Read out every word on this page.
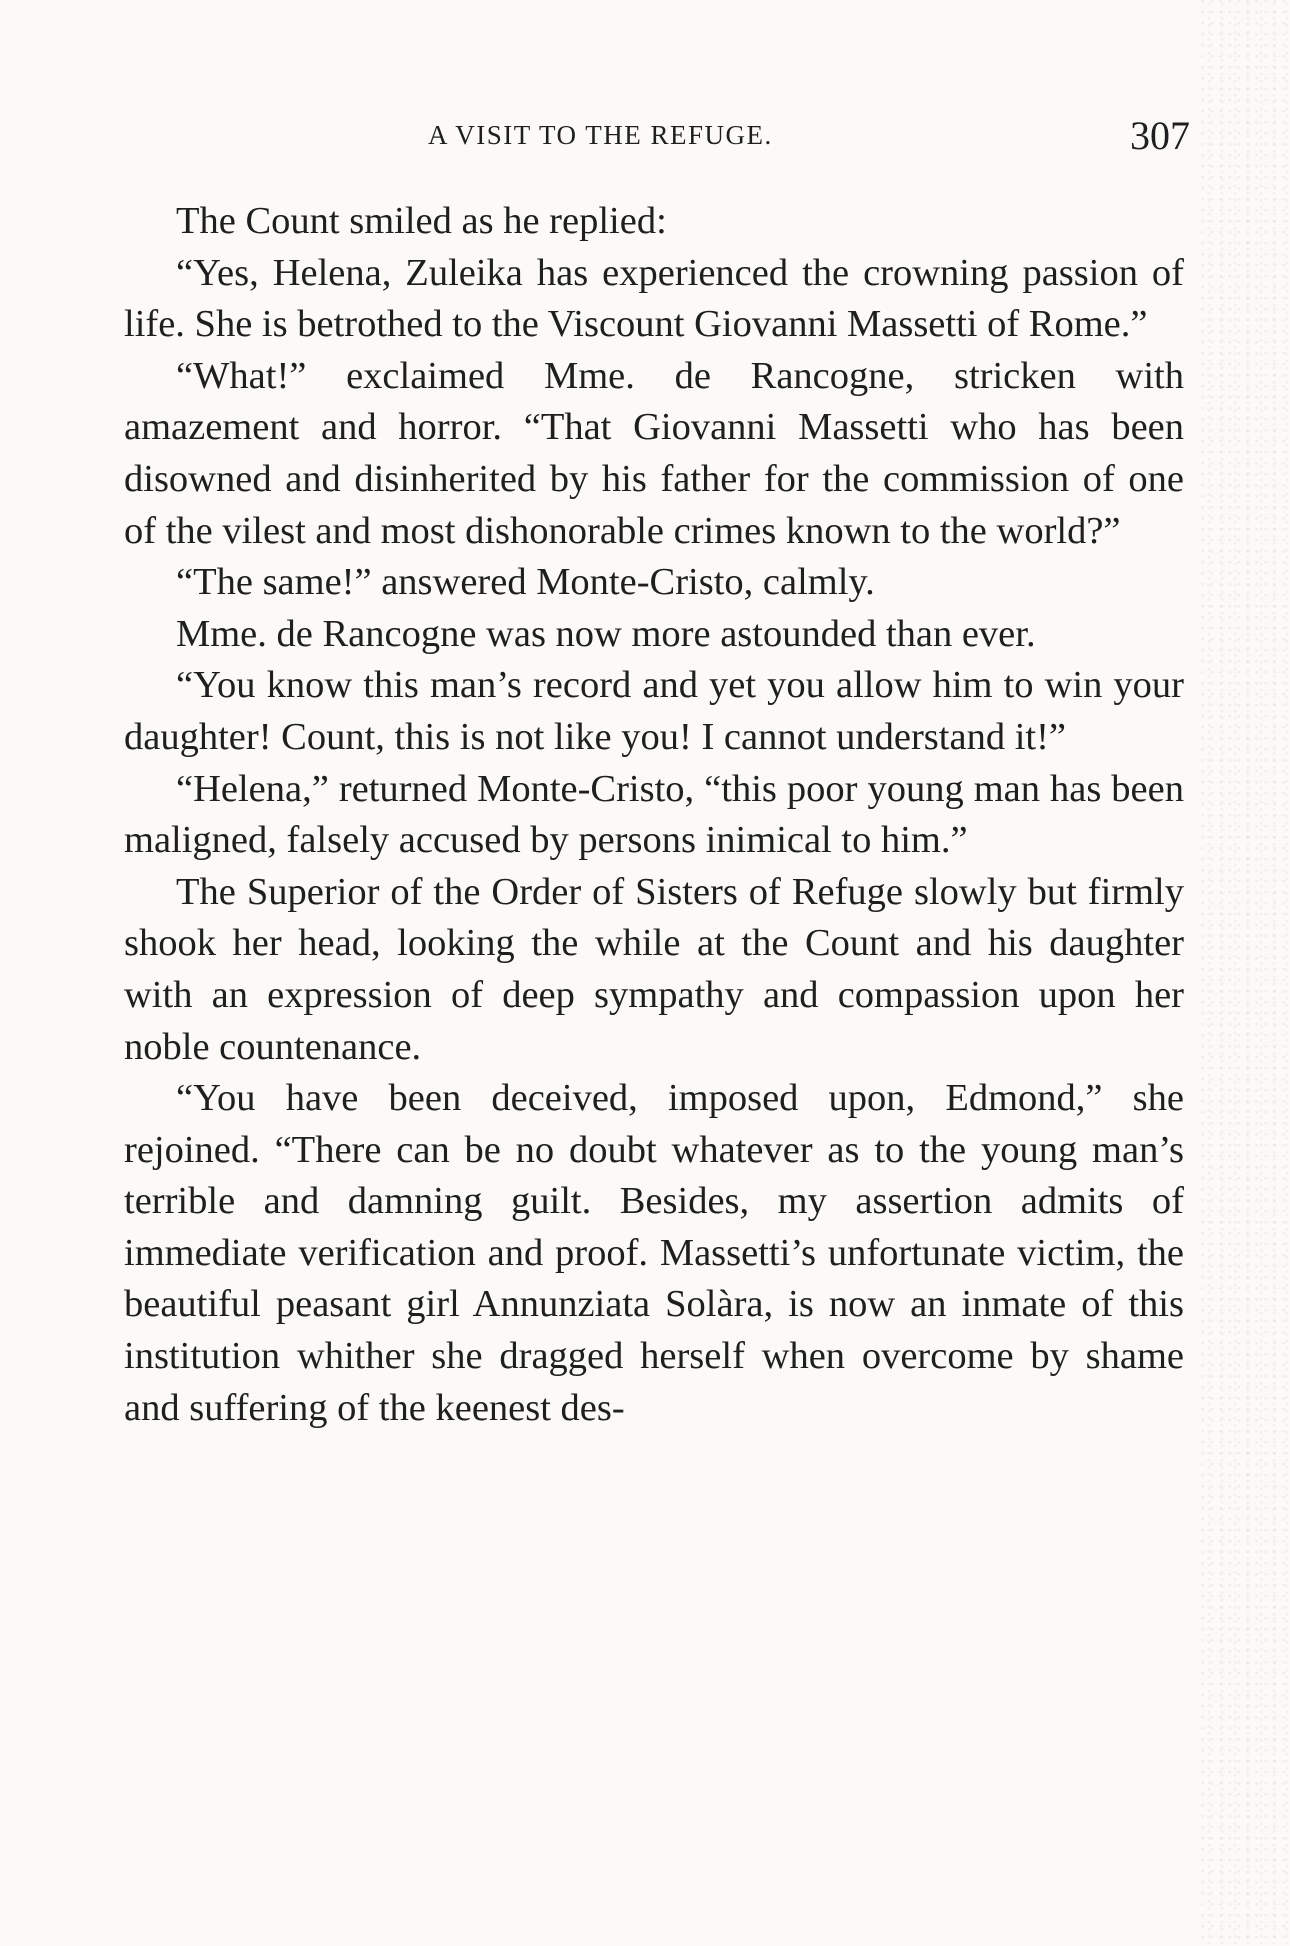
A VISIT TO THE REFUGE.	307

The Count smiled as he replied:

“Yes, Helena, Zuleika has experienced the crowning passion of life. She is betrothed to the Viscount Giovanni Massetti of Rome.”

“What!” exclaimed Mme. de Rancogne, stricken with amazement and horror. “That Giovanni Massetti who has been disowned and disinherited by his father for the commission of one of the vilest and most dishonorable crimes known to the world?”

“The same!” answered Monte-Cristo, calmly.

Mme. de Rancogne was now more astounded than ever.

“You know this man’s record and yet you allow him to win your daughter! Count, this is not like you! I cannot understand it!”

“Helena,” returned Monte-Cristo, “this poor young man has been maligned, falsely accused by persons inimical to him.”

The Superior of the Order of Sisters of Refuge slowly but firmly shook her head, looking the while at the Count and his daughter with an expression of deep sympathy and compassion upon her noble countenance.

“You have been deceived, imposed upon, Edmond,” she rejoined. “There can be no doubt whatever as to the young man’s terrible and damning guilt. Besides, my assertion admits of immediate verification and proof. Massetti’s unfortunate victim, the beautiful peasant girl Annunziata Solàra, is now an inmate of this institution whither she dragged herself when overcome by shame and suffering of the keenest des-
